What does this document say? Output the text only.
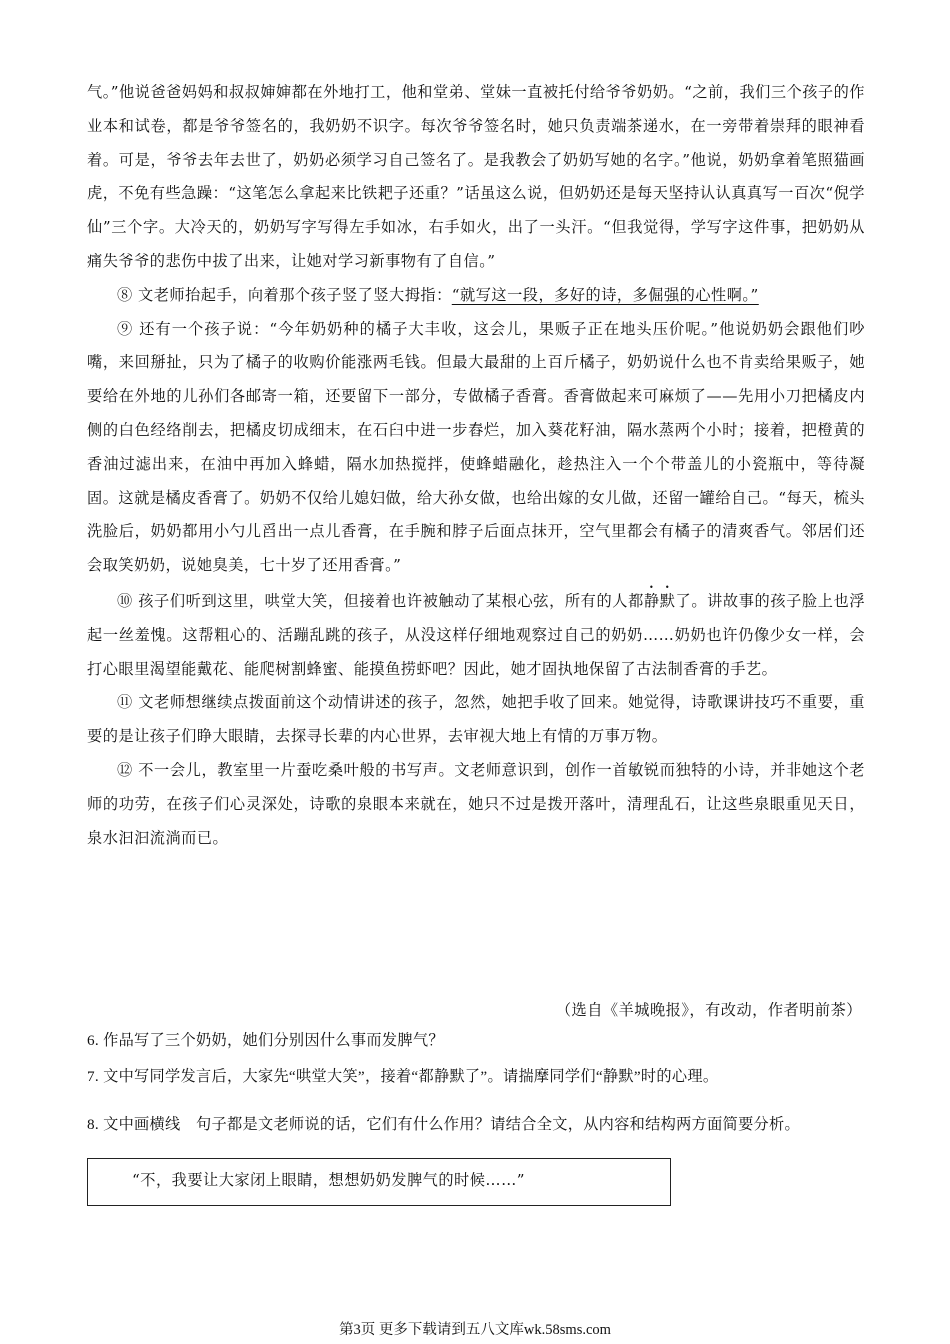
气。”他说爸爸妈妈和叔叔婶婶都在外地打工，他和堂弟、堂妹一直被托付给爷爷奶奶。“之前，我们三个孩子的作业本和试卷，都是爷爷签名的，我奶奶不识字。每次爷爷签名时，她只负责端茶递水，在一旁带着崇拜的眼神看着。可是，爷爷去年去世了，奶奶必须学习自己签名了。是我教会了奶奶写她的名字。”他说，奶奶拿着笔照猫画虎，不免有些急躁：“这笔怎么拿起来比铁耙子还重？”话虽这么说，但奶奶还是每天坚持认认真真写一百次“倪学仙”三个字。大冷天的，奶奶写字写得左手如冰，右手如火，出了一头汗。“但我觉得，学写字这件事，把奶奶从痛失爷爷的悲伤中拔了出来，让她对学习新事物有了自信。”

⑧ 文老师抬起手，向着那个孩子竖了竖大拇指：“就写这一段，多好的诗，多倔强的心性啊。”

⑨ 还有一个孩子说：“今年奶奶种的橘子大丰收，这会儿，果贩子正在地头压价呢。”他说奶奶会跟他们吵嘴，来回掰扯，只为了橘子的收购价能涨两毛钱。但最大最甜的上百斤橘子，奶奶说什么也不肯卖给果贩子，她要给在外地的儿孙们各邮寄一箱，还要留下一部分，专做橘子香膏。香膏做起来可麻烦了——先用小刀把橘皮内侧的白色经络削去，把橘皮切成细末，在石臼中进一步舂烂，加入葵花籽油，隔水蒸两个小时；接着，把橙黄的香油过滤出来，在油中再加入蜂蜡，隔水加热搅拌，使蜂蜡融化，趁热注入一个个带盖儿的小瓷瓶中，等待凝固。这就是橘皮香膏了。奶奶不仅给儿媳妇做，给大孙女做，也给出嫁的女儿做，还留一罐给自己。“每天，梳头洗脸后，奶奶都用小勺儿舀出一点儿香膏，在手腕和脖子后面点抹开，空气里都会有橘子的清爽香气。邻居们还会取笑奶奶，说她臭美，七十岁了还用香膏。”

⑩ 孩子们听到这里，哄堂大笑，但接着也许被触动了某根心弦，所有的人都静默了。讲故事的孩子脸上也浮起一丝羞愧。这帮粗心的、活蹦乱跳的孩子，从没这样仔细地观察过自己的奶奶……奶奶也许仍像少女一样，会打心眼里渴望能戴花、能爬树割蜂蜜、能摸鱼捞虾吧？因此，她才固执地保留了古法制香膏的手艺。

⑪ 文老师想继续点拨面前这个动情讲述的孩子，忽然，她把手收了回来。她觉得，诗歌课讲技巧不重要，重要的是让孩子们睁大眼睛，去探寻长辈的内心世界，去审视大地上有情的万事万物。

⑫ 不一会儿，教室里一片蚕吃桑叶般的书写声。文老师意识到，创作一首敏锐而独特的小诗，并非她这个老师的功劳，在孩子们心灵深处，诗歌的泉眼本来就在，她只不过是拨开落叶，清理乱石，让这些泉眼重见天日，泉水汩汩流淌而已。

（选自《羊城晚报》，有改动，作者明前茶）
6. 作品写了三个奶奶，她们分别因什么事而发脾气？
7. 文中写同学发言后，大家先“哄堂大笑”，接着“都静默了”。请揣摩同学们“静默”时的心理。
8. 文中画横线　句子都是文老师说的话，它们有什么作用？请结合全文，从内容和结构两方面简要分析。
“不，我要让大家闭上眼睛，想想奶奶发脾气的时候……”
第3页 更多下载请到五八文库wk.58sms.com
